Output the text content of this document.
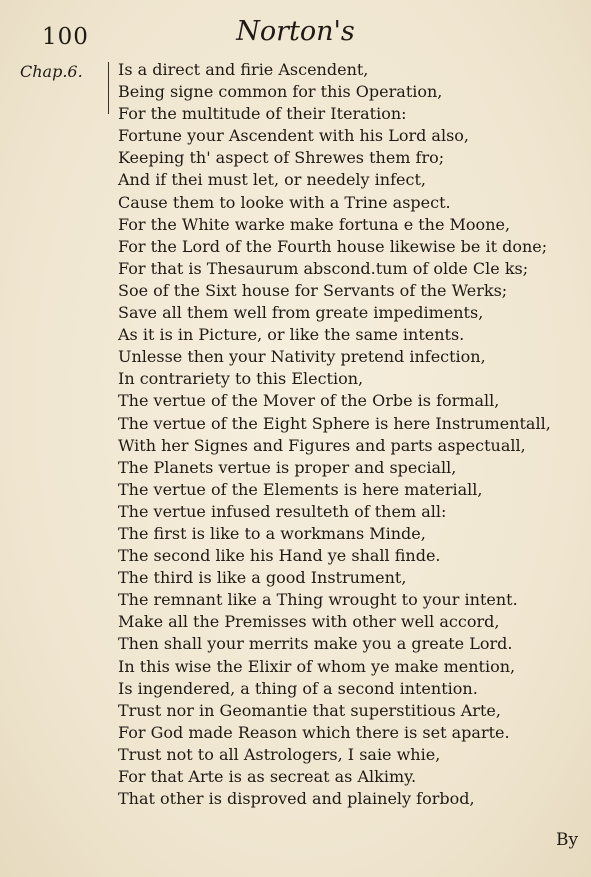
100	Norton's
Chap.6. Is a direct and firie Ascendent,
Being signe common for this Operation,
For the multitude of their Iteration:
Fortune your Ascendent with his Lord also,
Keeping th' aspect of Shrewes them fro;
And if thei must let, or needely infect,
Cause them to looke with a Trine aspect.
For the White warke make fortuna e the Moone,
For the Lord of the Fourth house likewise be it done;
For that is Thesaurum abscond.tum of olde Cle ks;
Soe of the Sixt house for Servants of the Werks;
Save all them well from greate impediments,
As it is in Picture, or like the same intents.
Unlesse then your Nativity pretend infection,
In contrariety to this Election,
The vertue of the Mover of the Orbe is formall,
The vertue of the Eight Sphere is here Instrumentall,
With her Signes and Figures and parts aspectuall,
The Planets vertue is proper and speciall,
The vertue of the Elements is here materiall,
The vertue infused resulteth of them all:
The first is like to a workmans Minde,
The second like his Hand ye shall finde.
The third is like a good Instrument,
The remnant like a Thing wrought to your intent.
Make all the Premisses with other well accord,
Then shall your merrits make you a greate Lord.
In this wise the Elixir of whom ye make mention,
Is ingendered, a thing of a second intention.
Trust nor in Geomantie that superstitious Arte,
For God made Reason which there is set aparte.
Trust not to all Astrologers, I saie whie,
For that Arte is as secreat as Alkimy.
That other is disproved and plainely forbod,
By
